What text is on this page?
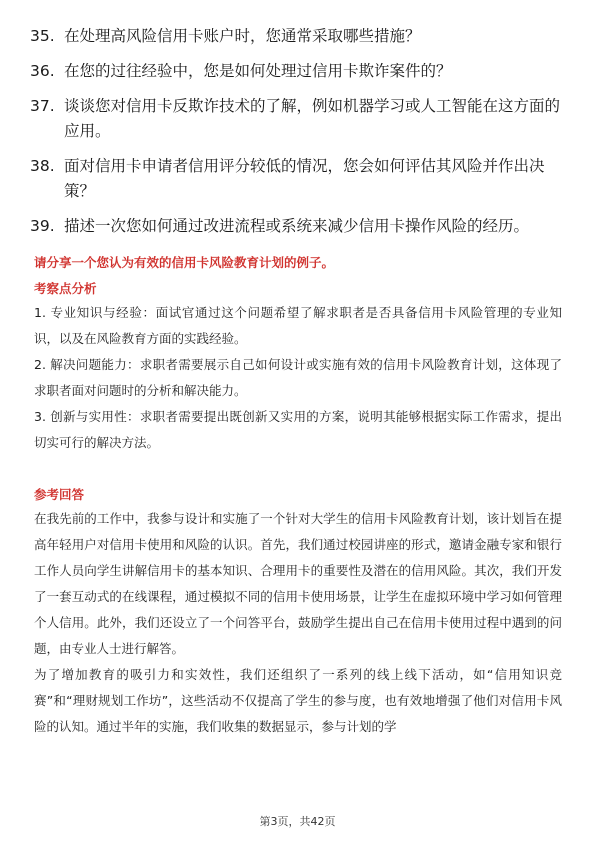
35. 在处理高风险信用卡账户时，您通常采取哪些措施？
36. 在您的过往经验中，您是如何处理过信用卡欺诈案件的？
37. 谈谈您对信用卡反欺诈技术的了解，例如机器学习或人工智能在这方面的应用。
38. 面对信用卡申请者信用评分较低的情况，您会如何评估其风险并作出决策？
39. 描述一次您如何通过改进流程或系统来减少信用卡操作风险的经历。
请分享一个您认为有效的信用卡风险教育计划的例子。
考察点分析

1. 专业知识与经验：面试官通过这个问题希望了解求职者是否具备信用卡风险管理的专业知识，以及在风险教育方面的实践经验。

2. 解决问题能力：求职者需要展示自己如何设计或实施有效的信用卡风险教育计划，这体现了求职者面对问题时的分析和解决能力。

3. 创新与实用性：求职者需要提出既创新又实用的方案，说明其能够根据实际工作需求，提出切实可行的解决方法。

参考回答

在我先前的工作中，我参与设计和实施了一个针对大学生的信用卡风险教育计划，该计划旨在提高年轻用户对信用卡使用和风险的认识。首先，我们通过校园讲座的形式，邀请金融专家和银行工作人员向学生讲解信用卡的基本知识、合理用卡的重要性及潜在的信用风险。其次，我们开发了一套互动式的在线课程，通过模拟不同的信用卡使用场景，让学生在虚拟环境中学习如何管理个人信用。此外，我们还设立了一个问答平台，鼓励学生提出自己在信用卡使用过程中遇到的问题，由专业人士进行解答。

为了增加教育的吸引力和实效性，我们还组织了一系列的线上线下活动，如“信用知识竞赛”和“理财规划工作坊”，这些活动不仅提高了学生的参与度，也有效地增强了他们对信用卡风险的认知。通过半年的实施，我们收集的数据显示，参与计划的学

第3页，共42页
